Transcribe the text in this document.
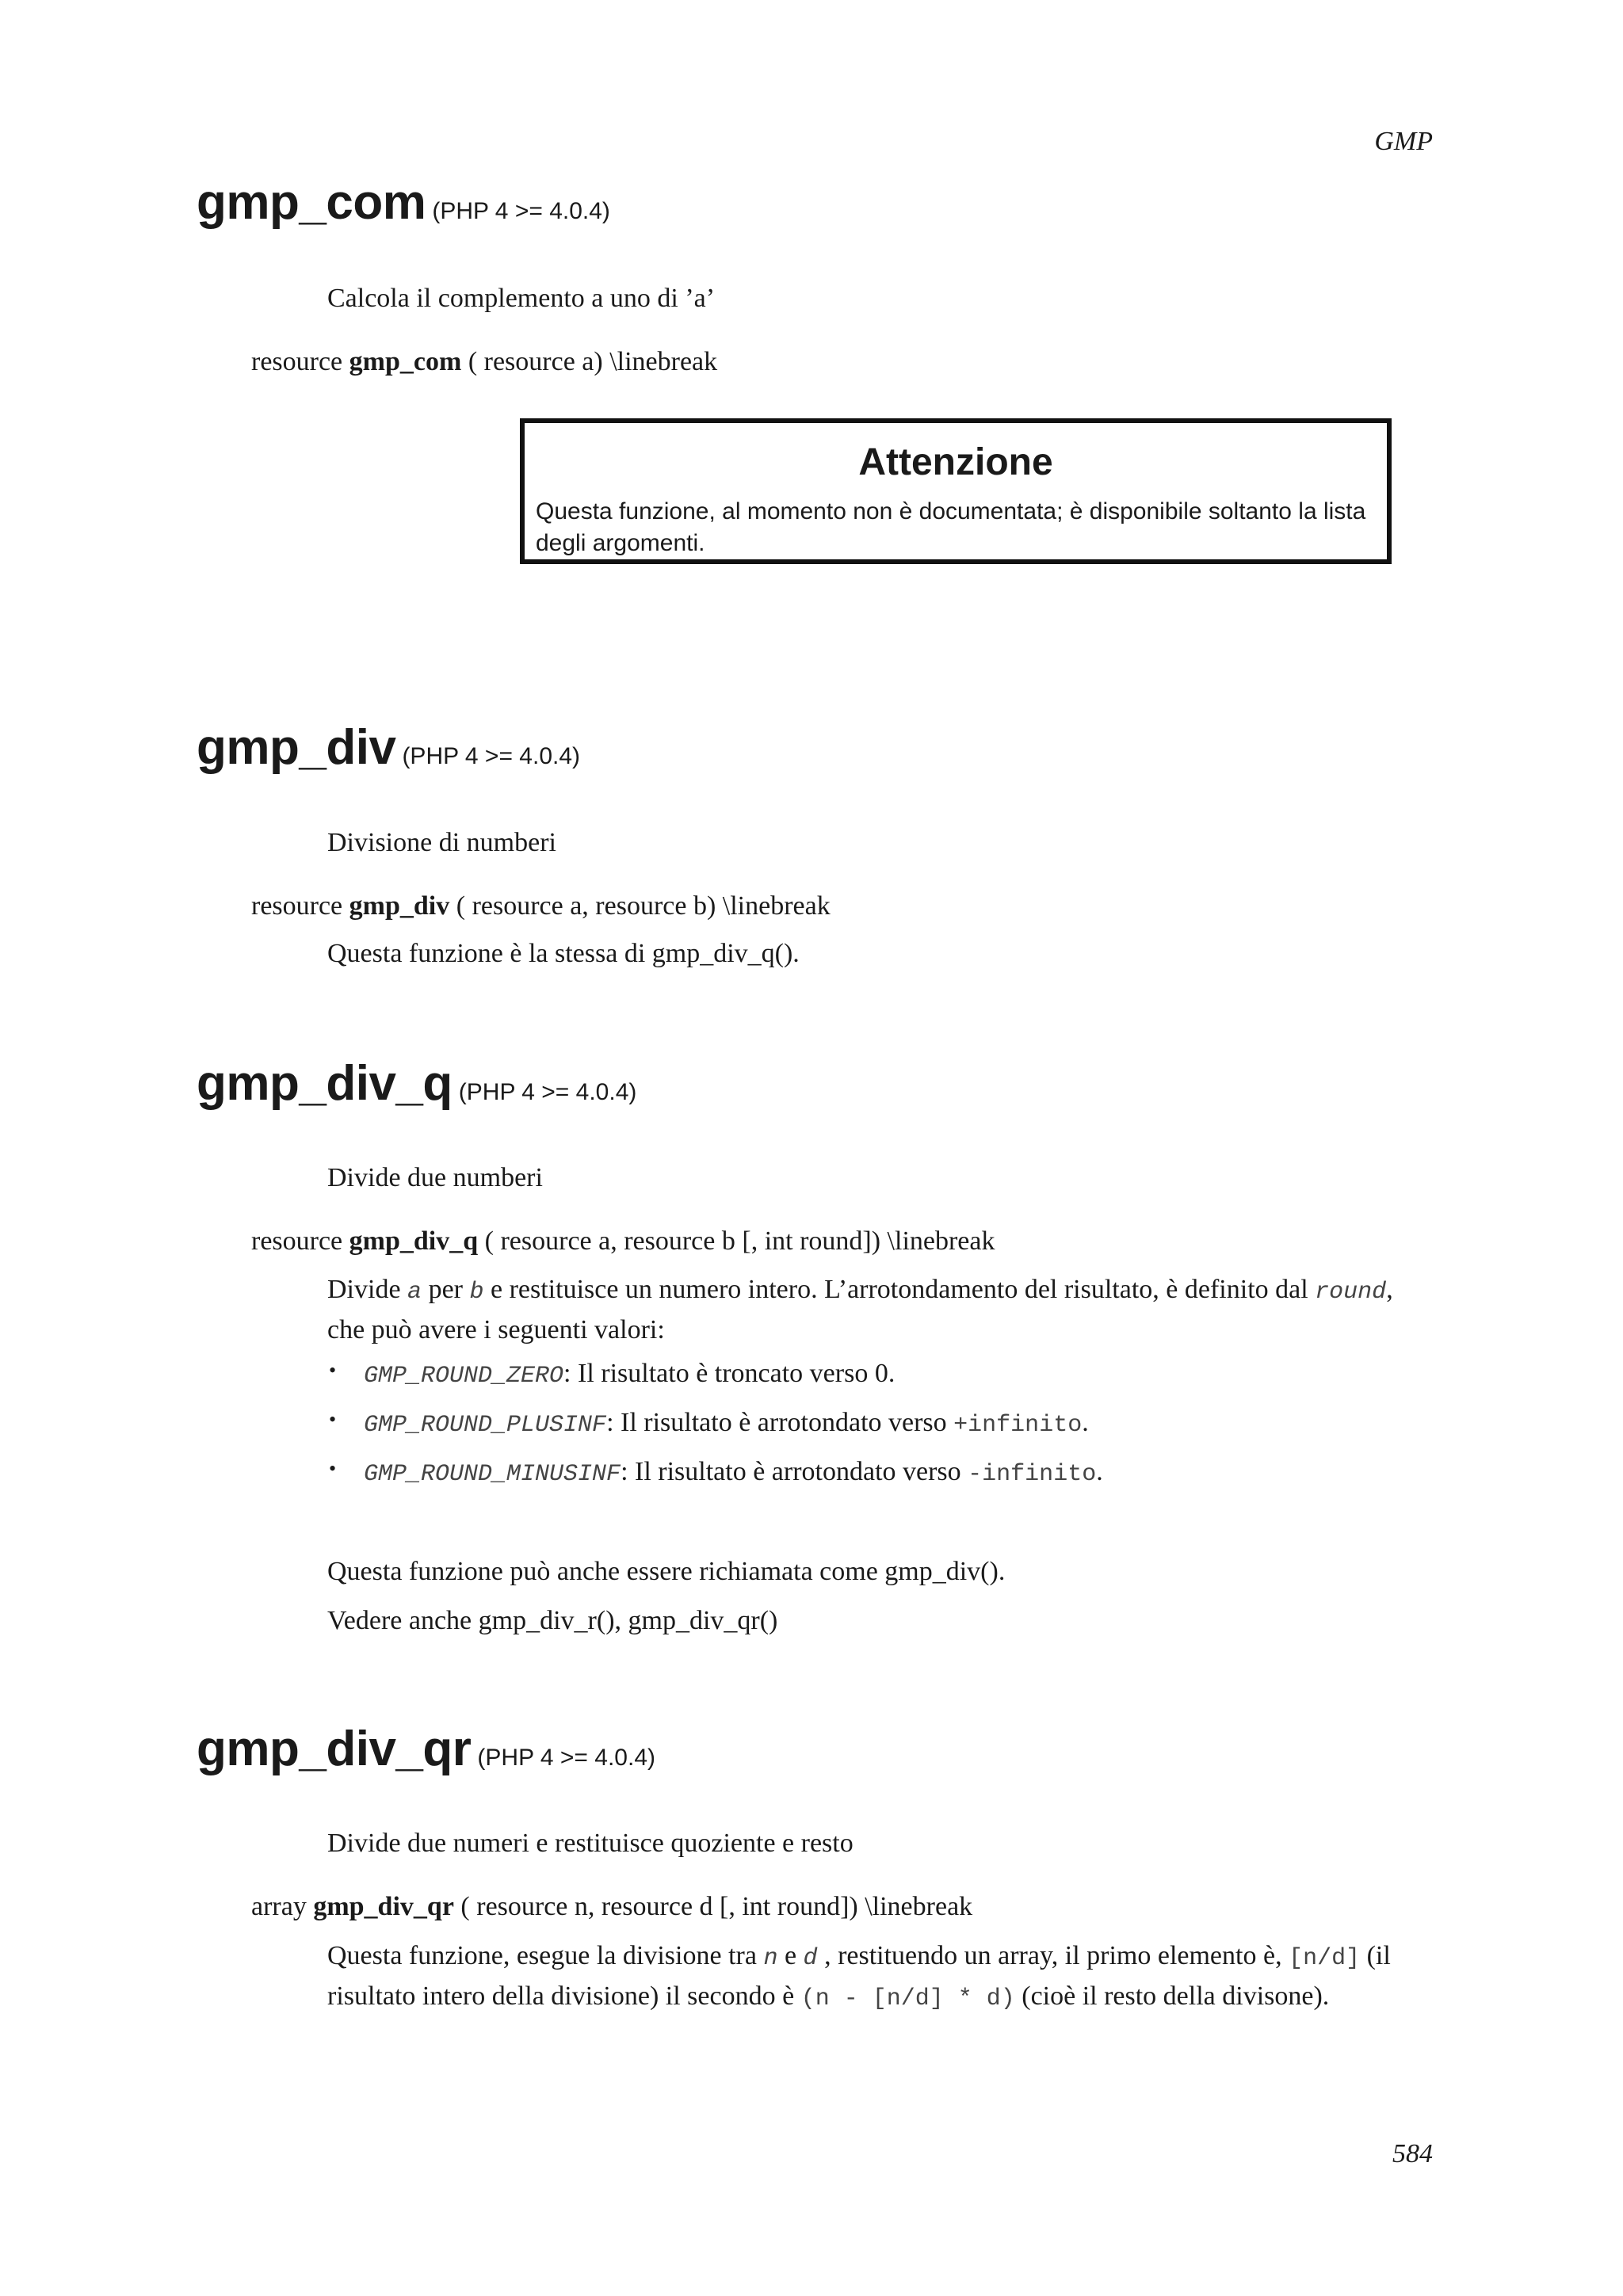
GMP
gmp_com (PHP 4 >= 4.0.4)
Calcola il complemento a uno di ’a’
resource gmp_com ( resource a) \linebreak
Attenzione
Questa funzione, al momento non è documentata; è disponibile soltanto la lista degli argomenti.
gmp_div (PHP 4 >= 4.0.4)
Divisione di numberi
resource gmp_div ( resource a, resource b) \linebreak
Questa funzione è la stessa di gmp_div_q().
gmp_div_q (PHP 4 >= 4.0.4)
Divide due numberi
resource gmp_div_q ( resource a, resource b [, int round]) \linebreak
Divide a per b e restituisce un numero intero. L’arrotondamento del risultato, è definito dal round, che può avere i seguenti valori:
• GMP_ROUND_ZERO: Il risultato è troncato verso 0.
• GMP_ROUND_PLUSINF: Il risultato è arrotondato verso +infinito.
• GMP_ROUND_MINUSINF: Il risultato è arrotondato verso -infinito.
Questa funzione può anche essere richiamata come gmp_div().
Vedere anche gmp_div_r(), gmp_div_qr()
gmp_div_qr (PHP 4 >= 4.0.4)
Divide due numeri e restituisce quoziente e resto
array gmp_div_qr ( resource n, resource d [, int round]) \linebreak
Questa funzione, esegue la divisione tra n e d , restituendo un array, il primo elemento è, [n/d] (il risultato intero della divisione) il secondo è (n - [n/d] * d) (cioè il resto della divisone).
584
